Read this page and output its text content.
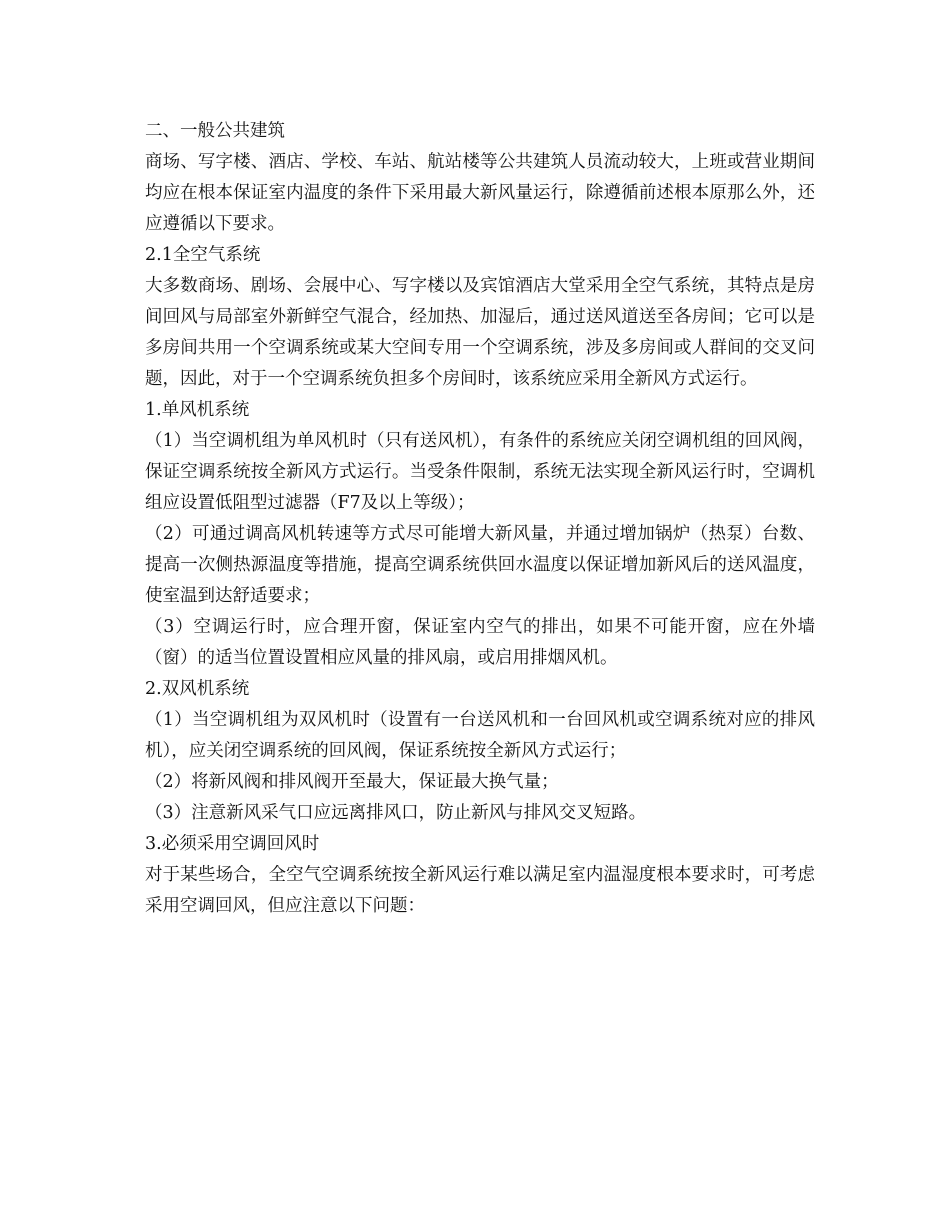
二、一般公共建筑

商场、写字楼、酒店、学校、车站、航站楼等公共建筑人员流动较大，上班或营业期间均应在根本保证室内温度的条件下采用最大新风量运行，除遵循前述根本原那么外，还应遵循以下要求。

2.1全空气系统

大多数商场、剧场、会展中心、写字楼以及宾馆酒店大堂采用全空气系统，其特点是房间回风与局部室外新鲜空气混合，经加热、加湿后，通过送风道送至各房间；它可以是多房间共用一个空调系统或某大空间专用一个空调系统，涉及多房间或人群间的交叉问题，因此，对于一个空调系统负担多个房间时，该系统应采用全新风方式运行。

1.单风机系统

（1）当空调机组为单风机时（只有送风机），有条件的系统应关闭空调机组的回风阀，保证空调系统按全新风方式运行。当受条件限制，系统无法实现全新风运行时，空调机组应设置低阻型过滤器（F7及以上等级）；

（2）可通过调高风机转速等方式尽可能增大新风量，并通过增加锅炉（热泵）台数、提高一次侧热源温度等措施，提高空调系统供回水温度以保证增加新风后的送风温度，使室温到达舒适要求；

（3）空调运行时，应合理开窗，保证室内空气的排出，如果不可能开窗，应在外墙（窗）的适当位置设置相应风量的排风扇，或启用排烟风机。

2.双风机系统

（1）当空调机组为双风机时（设置有一台送风机和一台回风机或空调系统对应的排风机），应关闭空调系统的回风阀，保证系统按全新风方式运行；

（2）将新风阀和排风阀开至最大，保证最大换气量；

（3）注意新风采气口应远离排风口，防止新风与排风交叉短路。

3.必须采用空调回风时

对于某些场合，全空气空调系统按全新风运行难以满足室内温湿度根本要求时，可考虑采用空调回风，但应注意以下问题：
